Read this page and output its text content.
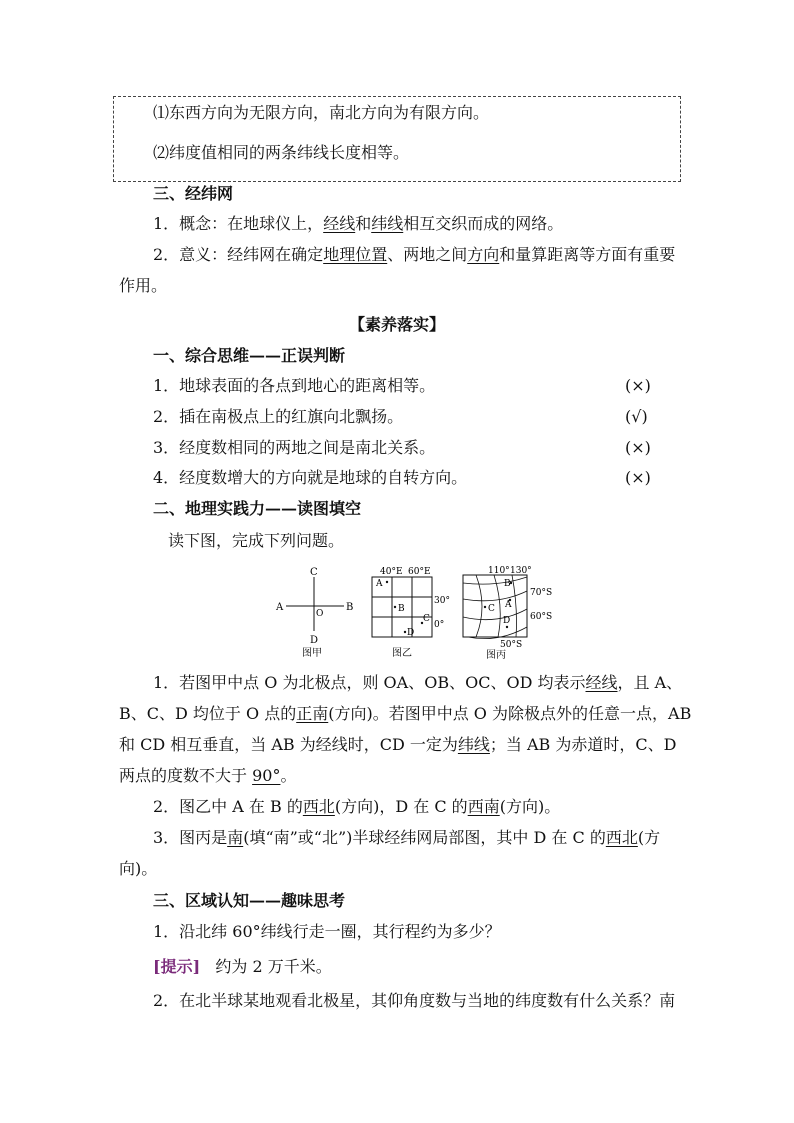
⑴东西方向为无限方向，南北方向为有限方向。
⑵纬度值相同的两条纬线长度相等。
三、经纬网
1．概念：在地球仪上，经线和纬线相互交织而成的网络。
2．意义：经纬网在确定地理位置、两地之间方向和量算距离等方面有重要
作用。
【素养落实】
一、综合思维——正误判断
1．地球表面的各点到地心的距离相等。	(×)
2．插在南极点上的红旗向北飘扬。	(√)
3．经度数相同的两地之间是南北关系。	(×)
4．经度数增大的方向就是地球的自转方向。	(×)
二、地理实践力——读图填空
读下图，完成下列问题。
C
A	B
O
D
图甲
40°E 60°E
30°
0°
A
B
C
D
图乙
110° 130°
70°S
60°S
50°S
B
C A
D
图丙
1．若图甲中点 O 为北极点，则 OA、OB、OC、OD 均表示经线，且 A、
B、C、D 均位于 O 点的正南(方向)。若图甲中点 O 为除极点外的任意一点，AB
和 CD 相互垂直，当 AB 为经线时，CD 一定为纬线；当 AB 为赤道时，C、D
两点的度数不大于 90°。
2．图乙中 A 在 B 的西北(方向)，D 在 C 的西南(方向)。
3．图丙是南(填“南”或“北”)半球经纬网局部图，其中 D 在 C 的西北(方
向)。
三、区域认知——趣味思考
1．沿北纬 60°纬线行走一圈，其行程约为多少？
[提示] 约为 2 万千米。
2．在北半球某地观看北极星，其仰角度数与当地的纬度数有什么关系？南
